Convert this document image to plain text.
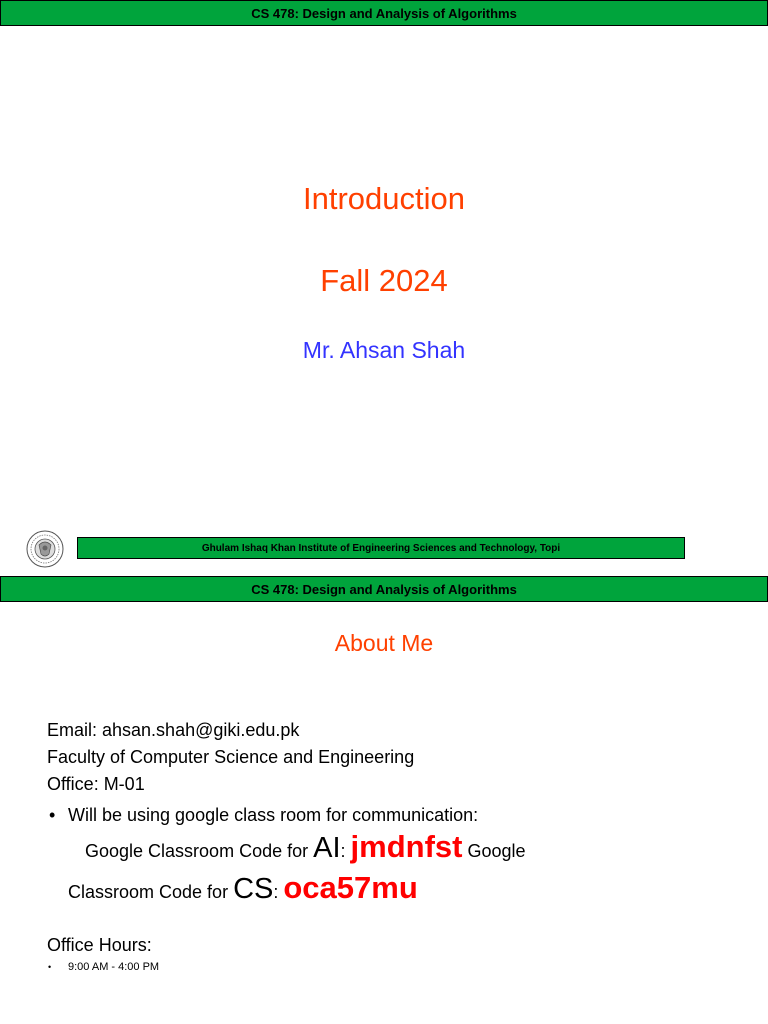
CS 478: Design and Analysis of Algorithms
Introduction
Fall 2024
Mr. Ahsan Shah
Ghulam Ishaq Khan Institute of Engineering Sciences and Technology, Topi
CS 478: Design and Analysis of Algorithms
About Me
Email: ahsan.shah@giki.edu.pk
Faculty of Computer Science and Engineering
Office: M-01
• Will be using google class room for communication:
Google Classroom Code for AI: jmdnfst Google
Classroom Code for CS: oca57mu
Office Hours:
• 9:00 AM - 4:00 PM
